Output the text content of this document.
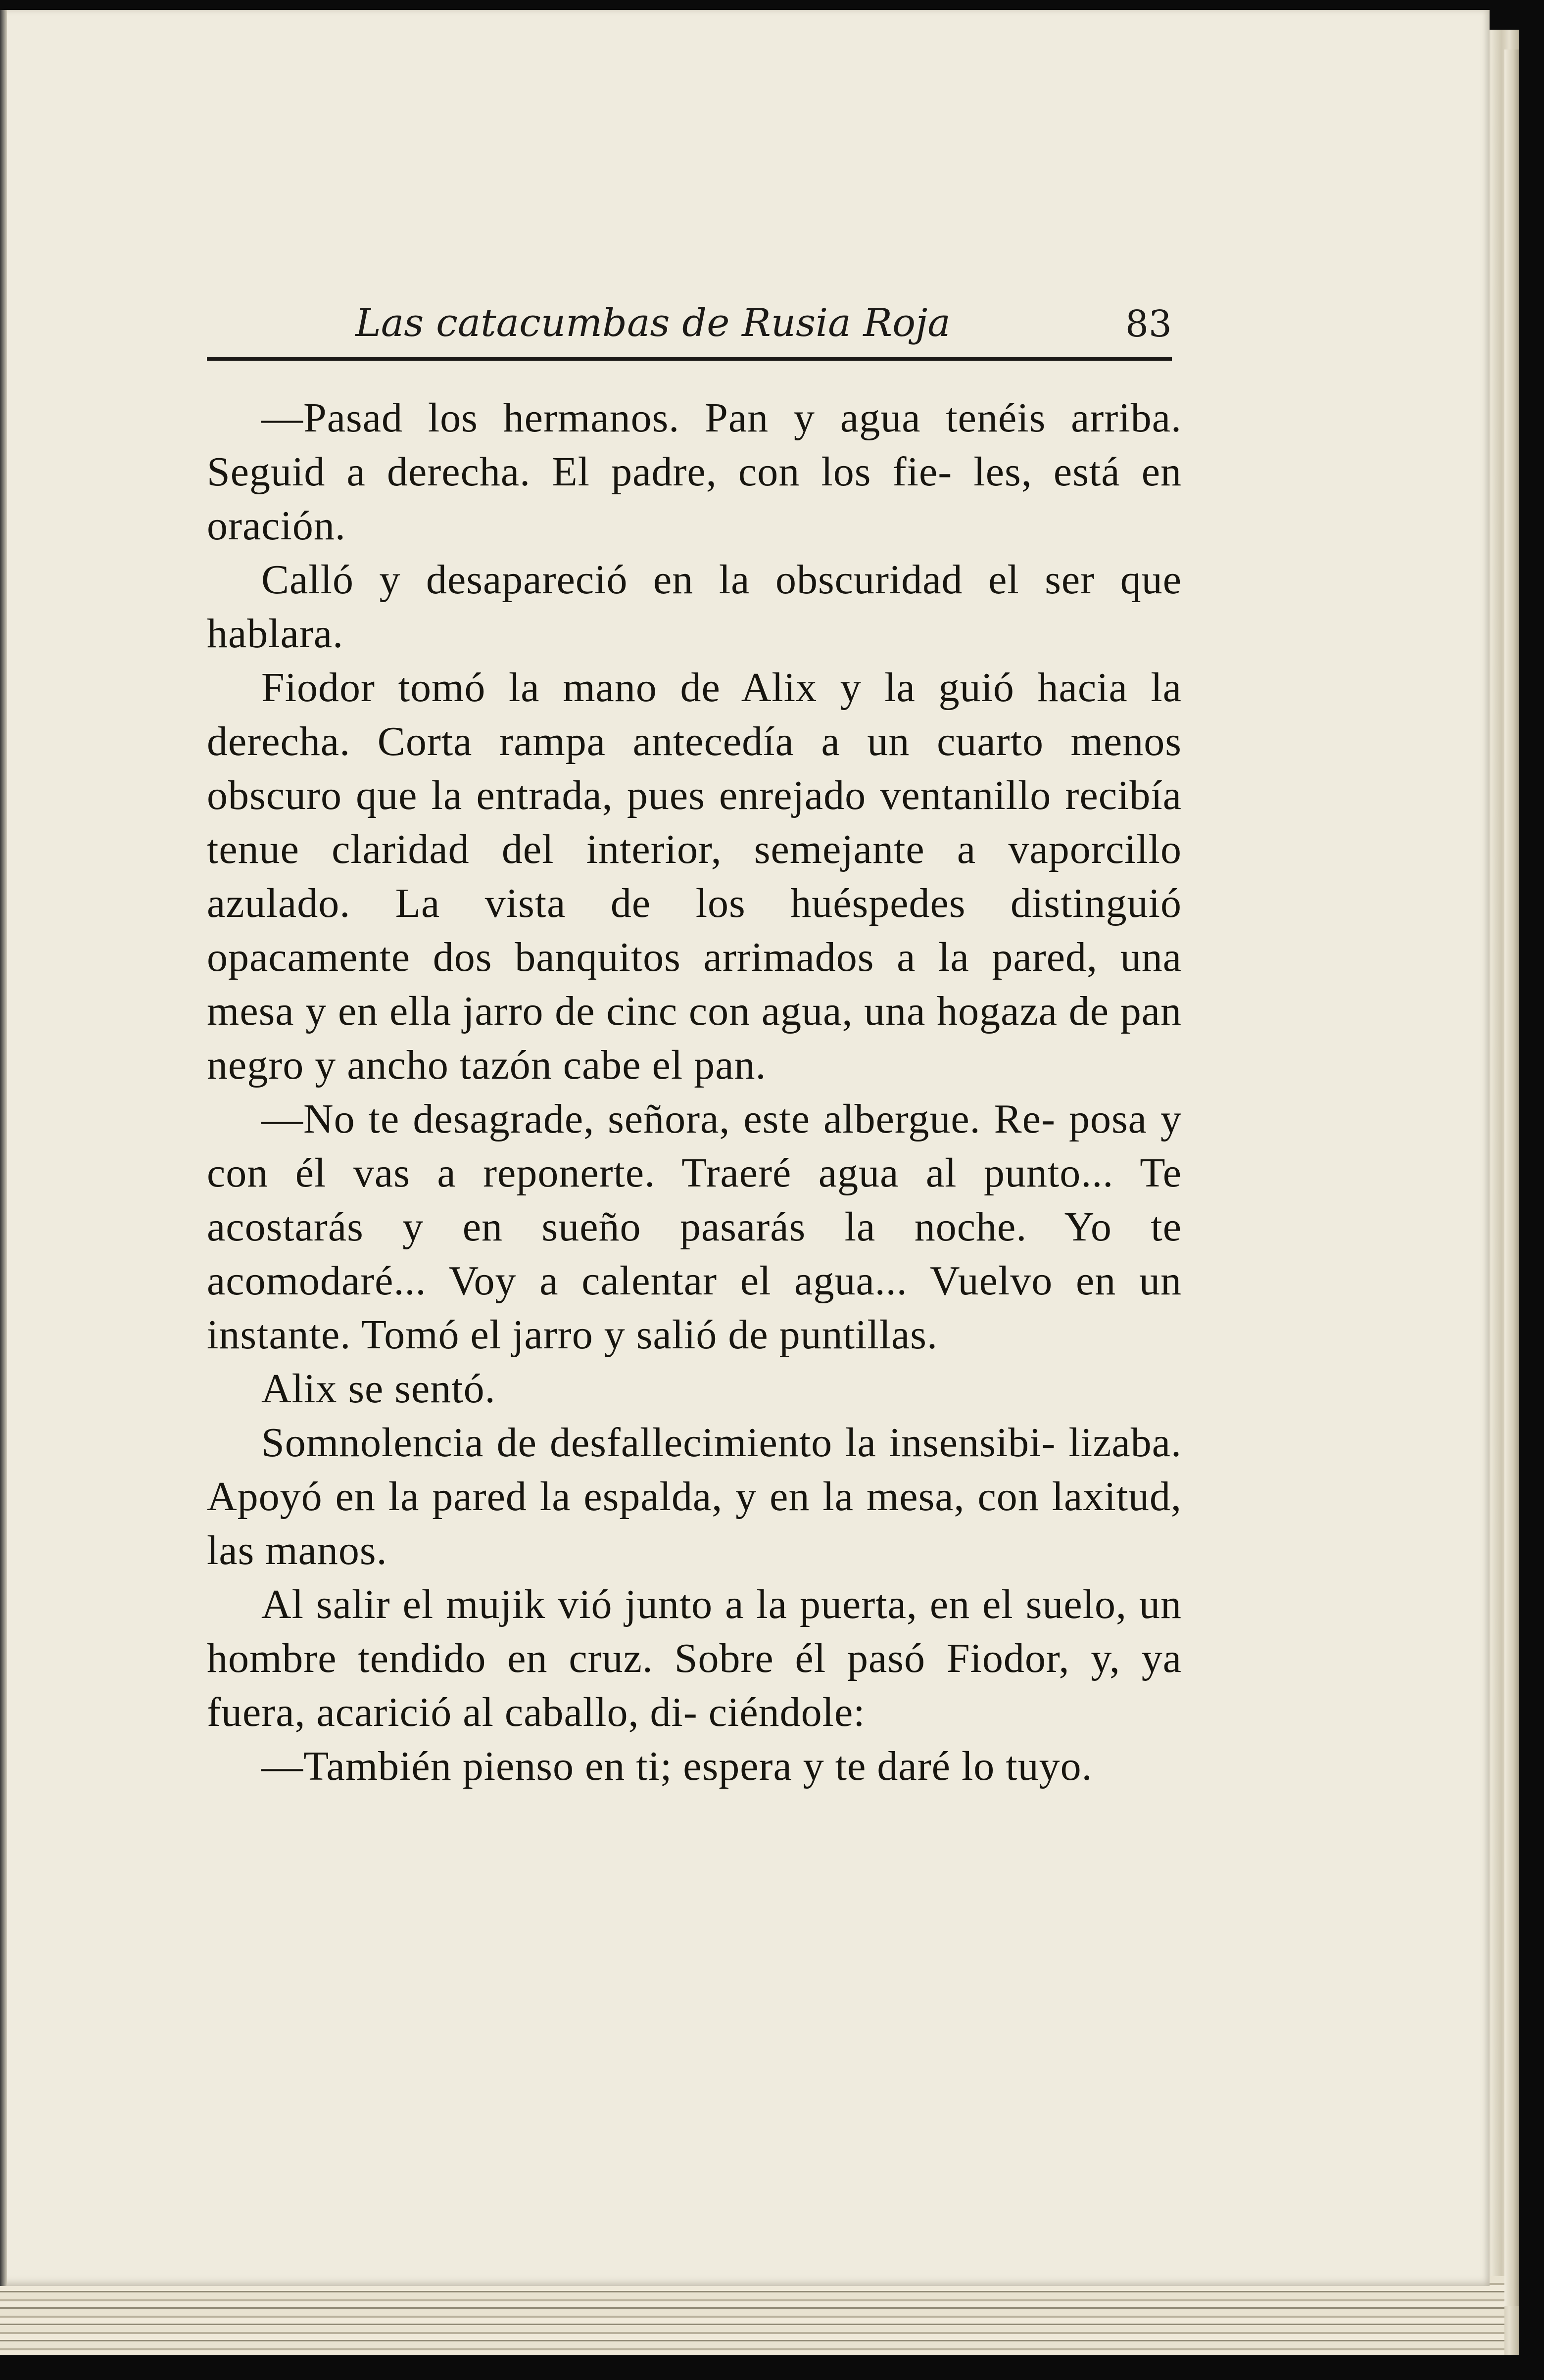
Las catacumbas de Rusia Roja	83

—Pasad los hermanos. Pan y agua tenéis arriba. Seguid a derecha. El padre, con los fie- les, está en oración.

Calló y desapareció en la obscuridad el ser que hablara.

Fiodor tomó la mano de Alix y la guió hacia la derecha. Corta rampa antecedía a un cuarto menos obscuro que la entrada, pues enrejado ventanillo recibía tenue claridad del interior, semejante a vaporcillo azulado. La vista de los huéspedes distinguió opacamente dos banquitos arrimados a la pared, una mesa y en ella jarro de cinc con agua, una hogaza de pan negro y ancho tazón cabe el pan.

—No te desagrade, señora, este albergue. Re- posa y con él vas a reponerte. Traeré agua al punto... Te acostarás y en sueño pasarás la noche. Yo te acomodaré... Voy a calentar el agua... Vuelvo en un instante. Tomó el jarro y salió de puntillas.

Alix se sentó.

Somnolencia de desfallecimiento la insensibi- lizaba. Apoyó en la pared la espalda, y en la mesa, con laxitud, las manos.

Al salir el mujik vió junto a la puerta, en el suelo, un hombre tendido en cruz. Sobre él pasó Fiodor, y, ya fuera, acarició al caballo, di- ciéndole:

—También pienso en ti; espera y te daré lo tuyo.
